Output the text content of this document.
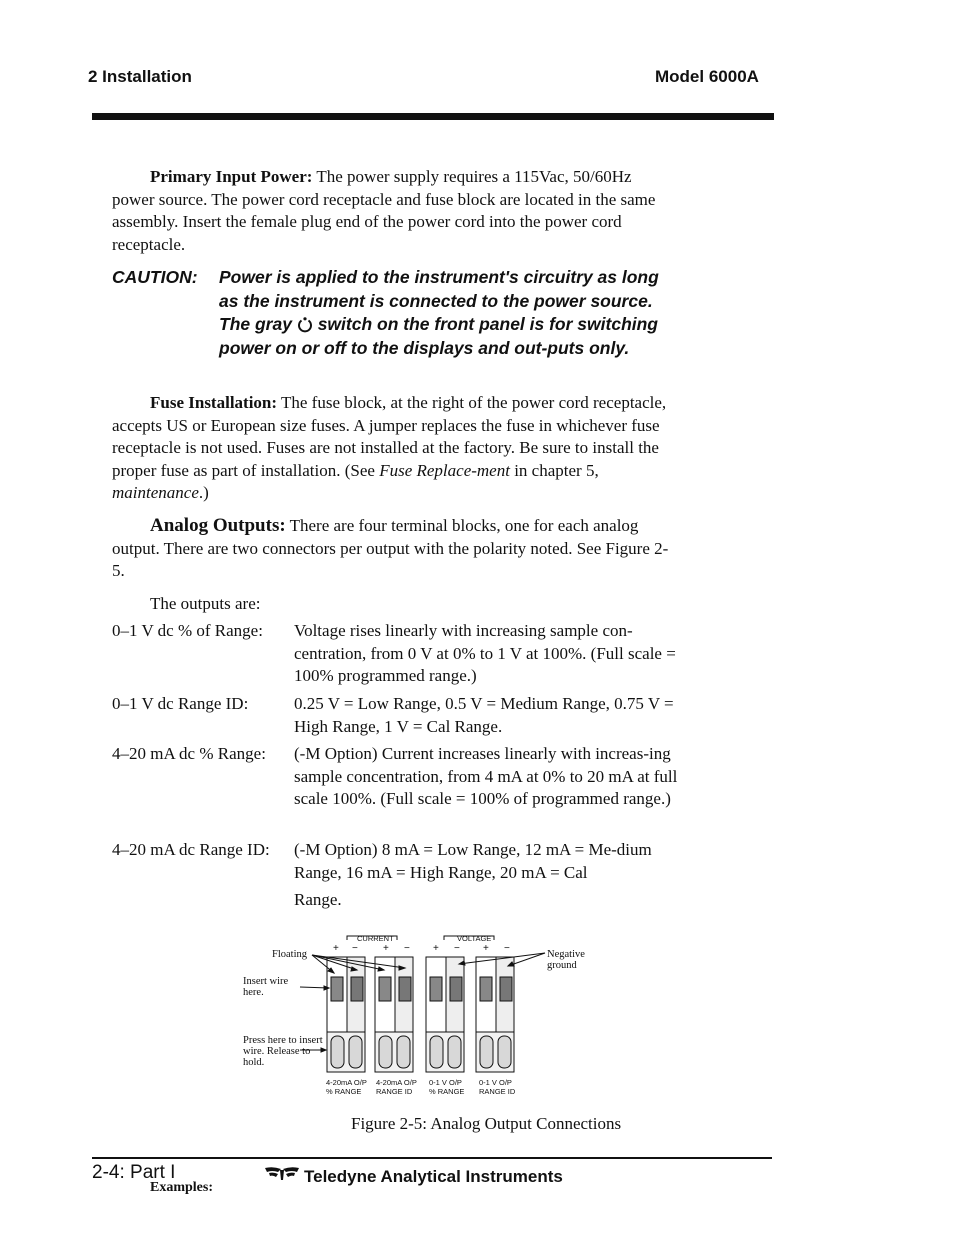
2 Installation	Model 6000A
Primary Input Power: The power supply requires a 115Vac, 50/60Hz power source. The power cord receptacle and fuse block are located in the same assembly. Insert the female plug end of the power cord into the power cord receptacle.
CAUTION: Power is applied to the instrument's circuitry as long as the instrument is connected to the power source. The gray switch on the front panel is for switching power on or off to the displays and out-puts only.
Fuse Installation: The fuse block, at the right of the power cord receptacle, accepts US or European size fuses. A jumper replaces the fuse in whichever fuse receptacle is not used. Fuses are not installed at the factory. Be sure to install the proper fuse as part of installation. (See Fuse Replace-ment in chapter 5, maintenance.)
Analog Outputs: There are four terminal blocks, one for each analog output. There are two connectors per output with the polarity noted. See Figure 2-5.
The outputs are:
0–1 V dc % of Range: Voltage rises linearly with increasing sample con-centration, from 0 V at 0% to 1 V at 100%. (Full scale = 100% programmed range.)
0–1 V dc Range ID:	0.25 V = Low Range, 0.5 V = Medium Range, 0.75 V = High Range, 1 V = Cal Range.
4–20 mA dc % Range: (-M Option) Current increases linearly with increas-ing sample concentration, from 4 mA at 0% to 20 mA at full scale 100%. (Full scale = 100% of programmed range.)
4–20 mA dc Range ID: (-M Option) 8 mA = Low Range, 12 mA = Me-dium Range, 16 mA = High Range, 20 mA = Cal
Range.
CURRENT	VOLTAGE
+ −	+ − + − + −
Floating
Insert wire here.
Press here to insert wire. Release to hold.
Negative ground
4-20mA O/P
% RANGE
4-20mA O/P
RANGE ID
0-1 V O/P
% RANGE
0-1 V O/P
RANGE ID
Figure 2-5: Analog Output Connections
2-4: Part I
Examples:
Teledyne Analytical Instruments
